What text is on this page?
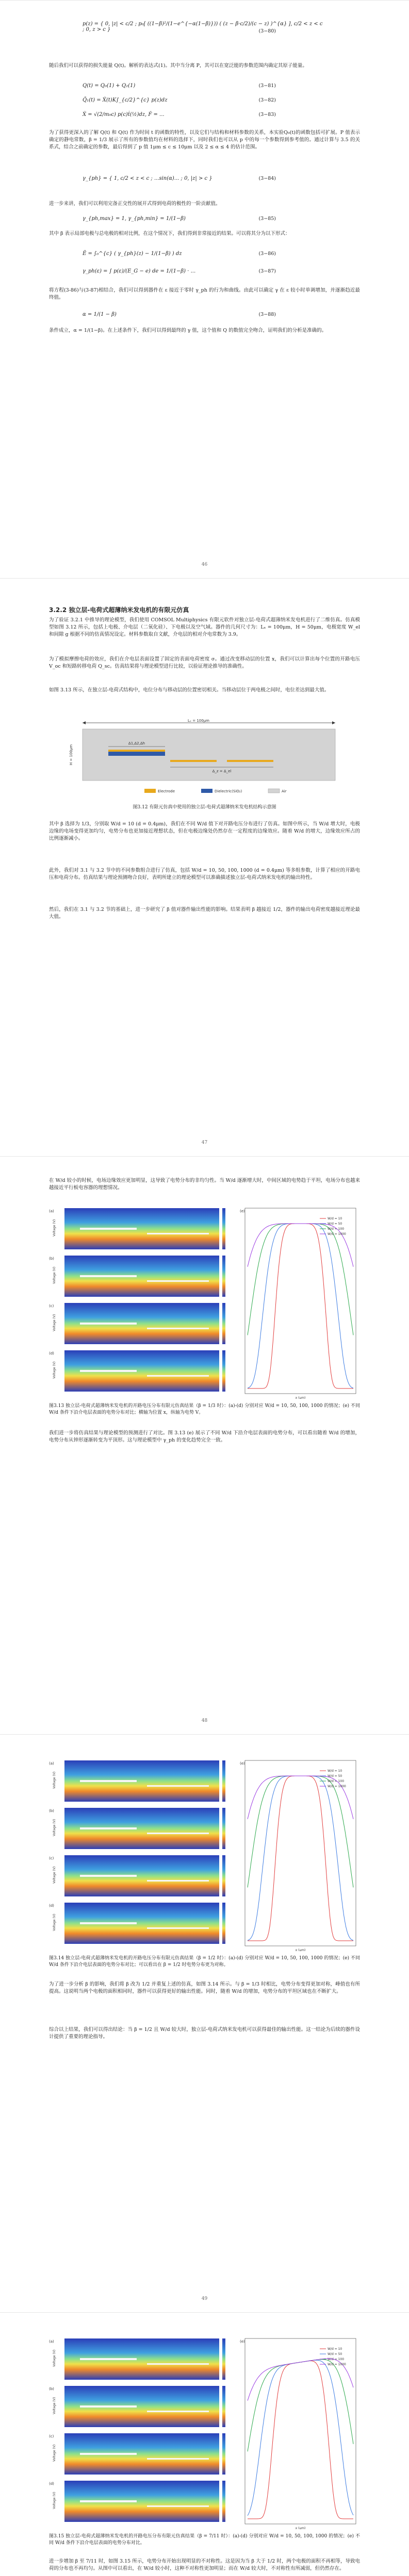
p(z) = { 0, |z| < c/2 ; p₀[ ((1−β)²/(1−e^{−α(1−β)})) ( (z − β·c/2)/(c − z) )^{α} ], c/2 < z < c ; 0, z > c }	(3−80)
随后我们可以获得的损失能量 Q(t)。解析的表达式(1)。其中当分离 P，其可以在宽泛能的参数范围内确定其原子能量。
Q(t) = Q₀(1) + Q₂(1)	(3−81)
Q̃₁(t) = Ẋ(t)K∫_{c/2}^{c} p(z)dz	(3−82)
Ẋ = √(2/m₀c) p(c)ṫ(½)dz, Ḟ = ...	(3−83)
为了获得更深入的了解 Q(t) 和 Q(t) 作为时间 t 的函数的特性，以及它们与结构和材料参数的关系，本实验Q₀(t)的函数包括可扩展。P 值表示确定的静电常数，β = 1/3 展示了所有的参数值均在材料的选择下，同时我们也可以从 p 中的每一个参数得到参考值的。通过计算与 3.5 的关系式，结合之前确定的参数，最后得到了 p 值 1μm ≤ c ≤ 10μm 以及 2 ≤ α ≤ 4 的估计范围。
γ_{ph} = { 1, c/2 < z < c ; ...sin(α)... ; 0, |z| > c }	(3−84)
进一步来讲，我们可以利用完备正交性的展开式得到电荷的极性的一阶贡献值。
γ_{ph,max} = 1, γ_{ph,min} = 1/(1−β)	(3−85)
其中 β 表示局部电极与总电极的相对比例，在这个情况下，我们得到非常接近的结果。可以将其分为以下形式：
Ê = ∫₀^{c} ( γ_{ph}(z) − 1/(1−β) ) dz	(3−86)
γ_ph(ε) = ∫ p(ε)/(E_G − e) de = 1/(1−β) · ...	(3−87)
将方程(3-86)与(3-87)相结合，我们可以得到器件在 ε 接近于零时 γ_ph 的行为和曲线。由此可以确定 γ 在 ε 较小时单调增加，并逐渐趋近最终值。
α = 1/(1 − β)	(3−88)
条件成立，α = 1/(1−β)。在上述条件下，我们可以得到最终的 γ 值，这个值和 Q 的数值完全吻合，证明我们的分析是准确的。
46
3.2.2 独立层-电荷式超薄纳米发电机的有限元仿真
为了验证 3.2.1 中推导的理论模型，我们使用 COMSOL Multiphysics 有限元软件对独立层-电荷式超薄纳米发电机进行了二维仿真。仿真模型如图 3.12 所示，包括上电极、介电层（二氧化硅）、下电极以及空气域。器件的几何尺寸为：Lₓ = 100μm，H = 50μm，电极宽度 W_el 和间隙 g 根据不同的仿真情况设定。材料参数取自文献，介电层的相对介电常数为 3.9。
为了模拟摩擦电荷的效应，我们在介电层表面设置了固定的表面电荷密度 σ。通过改变移动层的位置 x，我们可以计算出每个位置的开路电压 V_oc 和短路转移电荷 Q_sc。仿真结果将与理论模型进行比较，以验证理论推导的准确性。
如图 3.13 所示，在独立层-电荷式结构中，电位分布与移动层的位置密切相关。当移动层位于两电极之间时，电位差达到最大值。
Lₓ = 100μm
Δ1,Δ2,Δh
Δ_z = Δ_el
H = 100μm
Electrode	Dielectric(SiO₂)	Air
图3.12 有限元仿真中使用的独立层-电荷式超薄纳米发电机结构示意图
其中 β 选择为 1/3，分别取 W/d = 10 (d = 0.4μm)，我们在不同 W/d 值下对开路电压分布进行了仿真。如图中所示，当 W/d 增大时，电极边缘的电场变得更加均匀，电势分布也更加接近理想状态，但在电极边缘处仍然存在一定程度的边缘效应。随着 W/d 的增大，边缘效应所占的比例逐渐减小。
此外，我们对 3.1 与 3.2 节中的不同参数组合进行了仿真，包括 W/d = 10, 50, 100, 1000 (d = 0.4μm) 等多组参数，计算了相应的开路电压和电荷分布。仿真结果与理论预测吻合良好，表明所建立的理论模型可以准确描述独立层-电荷式纳米发电机的输出特性。
然后，我们在 3.1 与 3.2 节的基础上，进一步研究了 β 值对器件输出性能的影响。结果表明 β 越接近 1/2，器件的输出电荷密度越接近理论最大值。
47
在 W/d 较小的时候，电场边缘效应更加明显，这导致了电势分布的非均匀性。当 W/d 逐渐增大时，中间区域的电势趋于平坦，电场分布也越来越接近平行板电容器的理想情况。
(a)
Voltage (V)
(b)
Voltage (V)
(c)
Voltage (V)
(d)
Voltage (V)
(e)
W/d = 10
W/d = 50
W/d = 100
W/d = 1000
x (μm)
图3.13 独立层-电荷式超薄纳米发电机的开路电压分布有限元仿真结果（β = 1/3 时）：(a)-(d) 分别对应 W/d = 10, 50, 100, 1000 的情况；(e) 不同 W/d 条件下沿介电层表面的电势分布对比；横轴为位置 x，纵轴为电势 V。
我们进一步将仿真结果与理论模型的预测进行了对比。图 3.13 (e) 展示了不同 W/d 下沿介电层表面的电势分布，可以看出随着 W/d 的增加，电势分布从钟形逐渐转变为平顶形。这与理论模型中 γ_ph 的变化趋势完全一致。
48
(a)
Voltage (V)
(b)
Voltage (V)
(c)
Voltage (V)
(d)
Voltage (V)
(e)
W/d = 10
W/d = 50
W/d = 100
W/d = 1000
x (μm)
图3.14 独立层-电荷式超薄纳米发电机的开路电压分布有限元仿真结果（β = 1/2 时）：(a)-(d) 分别对应 W/d = 10, 50, 100, 1000 的情况；(e) 不同 W/d 条件下沿介电层表面的电势分布对比；可以看出在 β = 1/2 时电势分布更为对称。
为了进一步分析 β 的影响，我们将 β 改为 1/2 并重复上述的仿真，如图 3.14 所示。与 β = 1/3 时相比，电势分布变得更加对称，峰值也有所提高。这说明当两个电极的面积相同时，器件可以获得更好的输出性能。同时，随着 W/d 的增加，电势分布的平坦区域也在不断扩大。
综合以上结果，我们可以得出结论：当 β = 1/2 且 W/d 较大时，独立层-电荷式纳米发电机可以获得最佳的输出性能。这一结论为后续的器件设计提供了重要的理论指导。
49
(a)
Voltage (V)
(b)
Voltage (V)
(c)
Voltage (V)
(d)
Voltage (V)
(e)
W/d = 10
W/d = 50
W/d = 100
W/d = 1000
x (μm)
图3.15 独立层-电荷式超薄纳米发电机的开路电压分布有限元仿真结果（β = 7/11 时）：(a)-(d) 分别对应 W/d = 10, 50, 100, 1000 的情况；(e) 不同 W/d 条件下沿介电层表面的电势分布对比。
进一步增加 β 至 7/11 时，如图 3.15 所示，电势分布开始出现明显的不对称性。这是因为当 β 大于 1/2 时，两个电极的面积不再相等，导致电荷的分布也不再均匀。从图中可以看出，在 W/d 较小时，这种不对称性更加明显；而在 W/d 较大时，不对称性有所减弱，但仍然存在。
